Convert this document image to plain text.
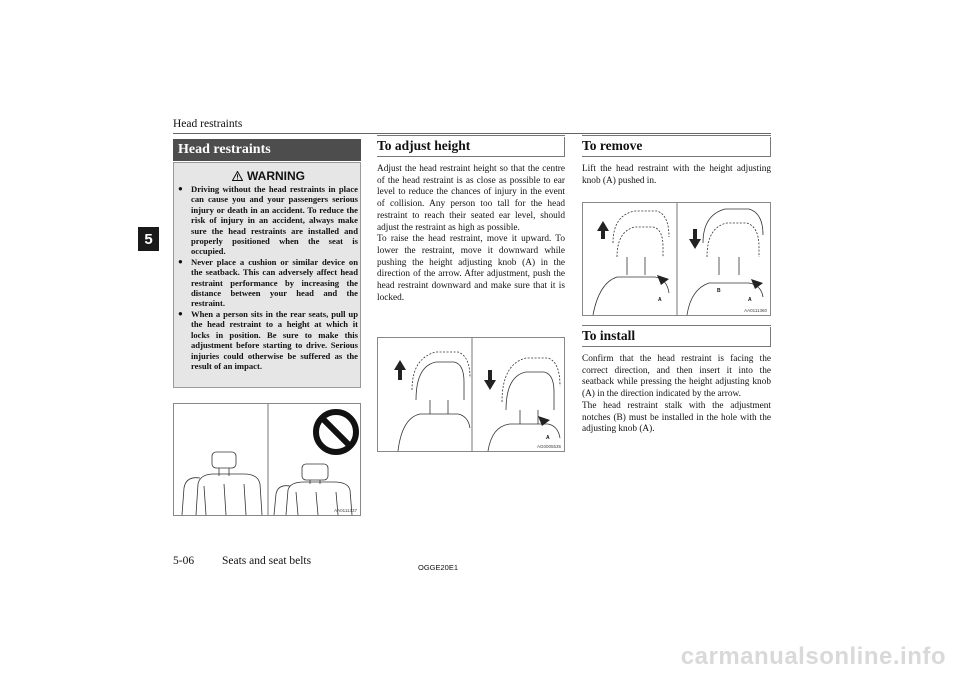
Head restraints
5
Head restraints
WARNING
● Driving without the head restraints in place can cause you and your passengers serious injury or death in an accident. To reduce the risk of injury in an accident, always make sure the head restraints are installed and properly positioned when the seat is occupied.
● Never place a cushion or similar device on the seatback. This can adversely affect head restraint performance by increasing the distance between your head and the restraint.
● When a person sits in the rear seats, pull up the head restraint to a height at which it locks in position. Be sure to make this adjustment before starting to drive. Serious injuries could otherwise be suffered as the result of an impact.
AA0111337
To adjust height

Adjust the head restraint height so that the centre of the head restraint is as close as possible to ear level to reduce the chances of injury in the event of collision. Any person too tall for the head restraint to reach their seated ear level, should adjust the restraint as high as possible.

To raise the head restraint, move it upward. To lower the restraint, move it downward while pushing the height adjusting knob (A) in the direction of the arrow. After adjustment, push the head restraint downward and make sure that it is locked.

A
AG0005535
To remove

Lift the head restraint with the height adjusting knob (A) pushed in.

A
B
A
AA0111360
To install

Confirm that the head restraint is facing the correct direction, and then insert it into the seatback while pressing the height adjusting knob (A) in the direction indicated by the arrow.

The head restraint stalk with the adjustment notches (B) must be installed in the hole with the adjusting knob (A).

5-06 Seats and seat belts
OGGE20E1
carmanualsonline.info
